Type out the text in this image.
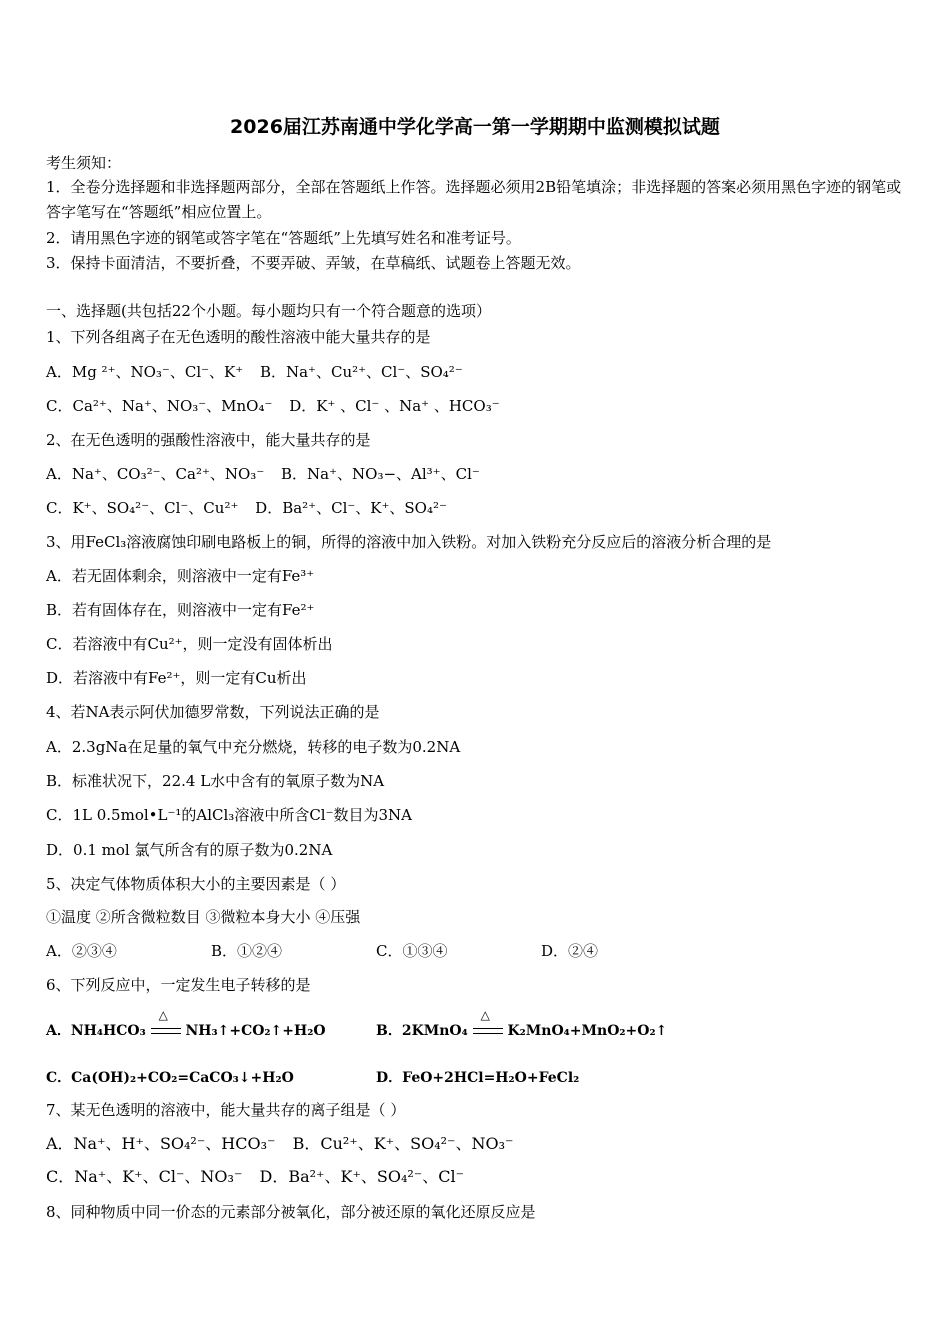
2026届江苏南通中学化学高一第一学期期中监测模拟试题
考生须知：
1．全卷分选择题和非选择题两部分，全部在答题纸上作答。选择题必须用2B铅笔填涂；非选择题的答案必须用黑色字迹的钢笔或答字笔写在“答题纸”相应位置上。
2．请用黑色字迹的钢笔或答字笔在“答题纸”上先填写姓名和准考证号。
3．保持卡面清洁，不要折叠，不要弄破、弄皱，在草稿纸、试题卷上答题无效。
一、选择题(共包括22个小题。每小题均只有一个符合题意的选项）
1、下列各组离子在无色透明的酸性溶液中能大量共存的是
A．Mg ²⁺、NO₃⁻、Cl⁻、K⁺ B．Na⁺、Cu²⁺、Cl⁻、SO₄²⁻
C．Ca²⁺、Na⁺、NO₃⁻、MnO₄⁻ D．K⁺ 、Cl⁻ 、Na⁺ 、HCO₃⁻
2、在无色透明的强酸性溶液中，能大量共存的是
A．Na⁺、CO₃²⁻、Ca²⁺、NO₃⁻ B．Na⁺、NO₃−、Al³⁺、Cl⁻
C．K⁺、SO₄²⁻、Cl⁻、Cu²⁺ D．Ba²⁺、Cl⁻、K⁺、SO₄²⁻
3、用FeCl₃溶液腐蚀印刷电路板上的铜，所得的溶液中加入铁粉。对加入铁粉充分反应后的溶液分析合理的是
A．若无固体剩余，则溶液中一定有Fe³⁺
B．若有固体存在，则溶液中一定有Fe²⁺
C．若溶液中有Cu²⁺，则一定没有固体析出
D．若溶液中有Fe²⁺，则一定有Cu析出
4、若NA表示阿伏加德罗常数，下列说法正确的是
A．2.3gNa在足量的氧气中充分燃烧，转移的电子数为0.2NA
B．标准状况下，22.4 L水中含有的氧原子数为NA
C．1L 0.5mol•L⁻¹的AlCl₃溶液中所含Cl⁻数目为3NA
D．0.1 mol 氯气所含有的原子数为0.2NA
5、决定气体物质体积大小的主要因素是（ ）
①温度 ②所含微粒数目 ③微粒本身大小 ④压强
A．②③④	B．①②④	C．①③④	D．②④
6、下列反应中，一定发生电子转移的是
A．NH₄HCO₃
△
NH₃↑+CO₂↑+H₂O	B．2KMnO₄
△
K₂MnO₄+MnO₂+O₂↑
C．Ca(OH)₂+CO₂=CaCO₃↓+H₂O	D．FeO+2HCl=H₂O+FeCl₂
7、某无色透明的溶液中，能大量共存的离子组是（ ）
A．Na⁺、H⁺、SO₄²⁻、HCO₃⁻ B．Cu²⁺、K⁺、SO₄²⁻、NO₃⁻
C．Na⁺、K⁺、Cl⁻、NO₃⁻ D．Ba²⁺、K⁺、SO₄²⁻、Cl⁻
8、同种物质中同一价态的元素部分被氧化，部分被还原的氧化还原反应是
